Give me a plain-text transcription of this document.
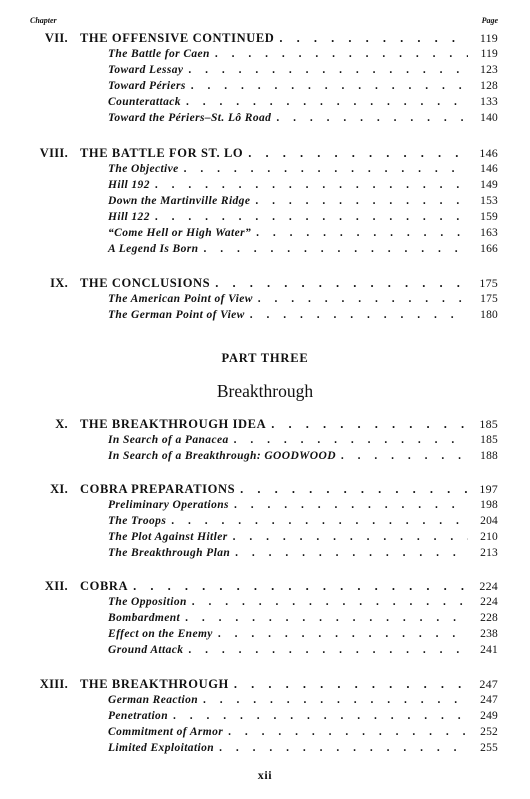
Chapter	Page
VII. THE OFFENSIVE CONTINUED . . .	119
The Battle for Caen . . .	119
Toward Lessay . . .	123
Toward Périers . . .	128
Counterattack . . .	133
Toward the Périers–St. Lô Road . . .	140
VIII. THE BATTLE FOR ST. LO . . .	146
The Objective . . .	146
Hill 192 . . .	149
Down the Martinville Ridge . . .	153
Hill 122 . . .	159
“Come Hell or High Water” . . .	163
A Legend Is Born . . .	166
IX. THE CONCLUSIONS . . .	175
The American Point of View . . .	175
The German Point of View . . .	180
PART THREE
Breakthrough
X. THE BREAKTHROUGH IDEA . . .	185
In Search of a Panacea . . .	185
In Search of a Breakthrough: GOODWOOD . . .	188
XI. COBRA PREPARATIONS . . .	197
Preliminary Operations . . .	198
The Troops . . .	204
The Plot Against Hitler . . .	210
The Breakthrough Plan . . .	213
XII. COBRA . . .	224
The Opposition . . .	224
Bombardment . . .	228
Effect on the Enemy . . .	238
Ground Attack . . .	241
XIII. THE BREAKTHROUGH . . .	247
German Reaction . . .	247
Penetration . . .	249
Commitment of Armor . . .	252
Limited Exploitation . . .	255
xii
